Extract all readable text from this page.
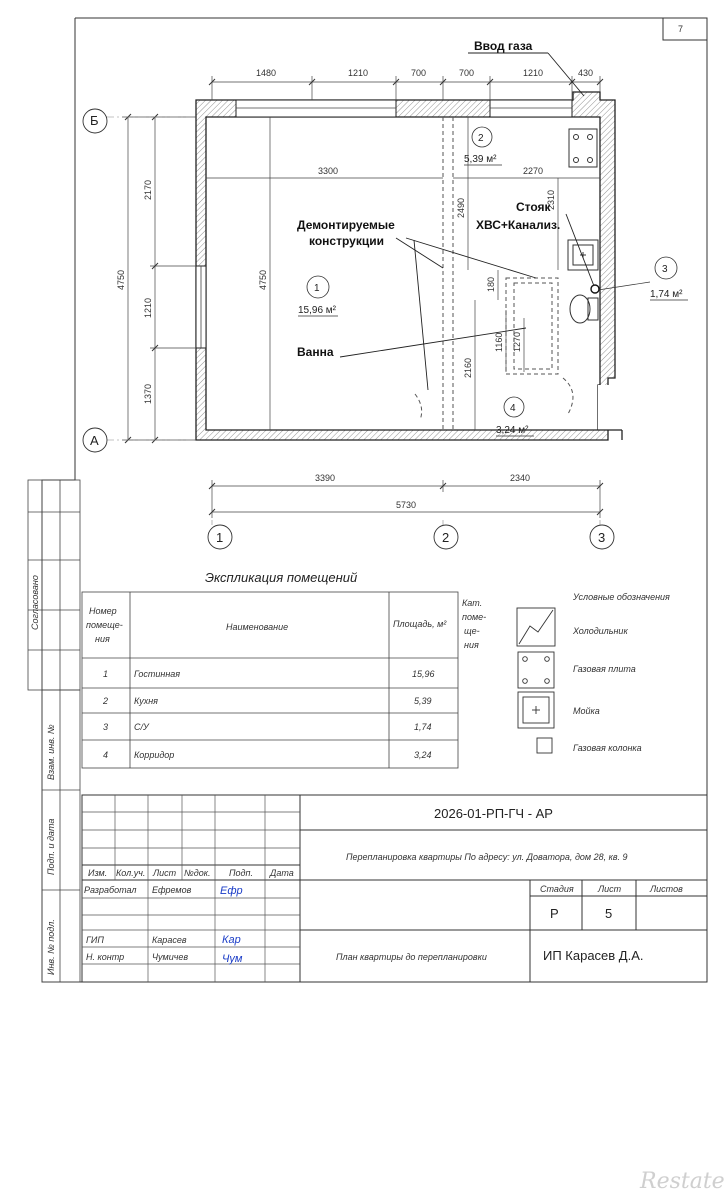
7
Согласовано
Взам. инв. №
Подп. и дата
Инв. № подл.
1480	1210	700	700	1210	430
3390	2340
5730
4750
2170
1210
1370
4750
3300	2270
2490	2310
180
1160 1270
2160
Б
А
1	2	3
1
15,96 м²
2
5,39 м²
3
1,74 м²
4
3,24 м²
Ввод газа
Демонтируемые
конструкции
Стояк
ХВС+Канализ.
Ванна
Экспликация помещений
Номер
помеще-
ния
Наименование	Площадь, м²
Кат.
поме-
ще-
ния
1	Гостинная	15,96
2	Кухня	5,39
3	С/У	1,74
4	Корридор	3,24
Условные обозначения
Холодильник
Газовая плита
Мойка
Газовая колонка
Изм. Кол.уч. Лист №док. Подп. Дата
Разработал Ефремов	Ефр
ГИП	Карасев	Кар
Н. контр	Чумичев	Чум
2026-01-РП-ГЧ - АР
Перепланировка квартиры По адресу: ул. Доватора, дом 28, кв. 9
Стадия	Лист	Листов
Р	5
План квартиры до перепланировки	ИП Карасев Д.А.
Restate
